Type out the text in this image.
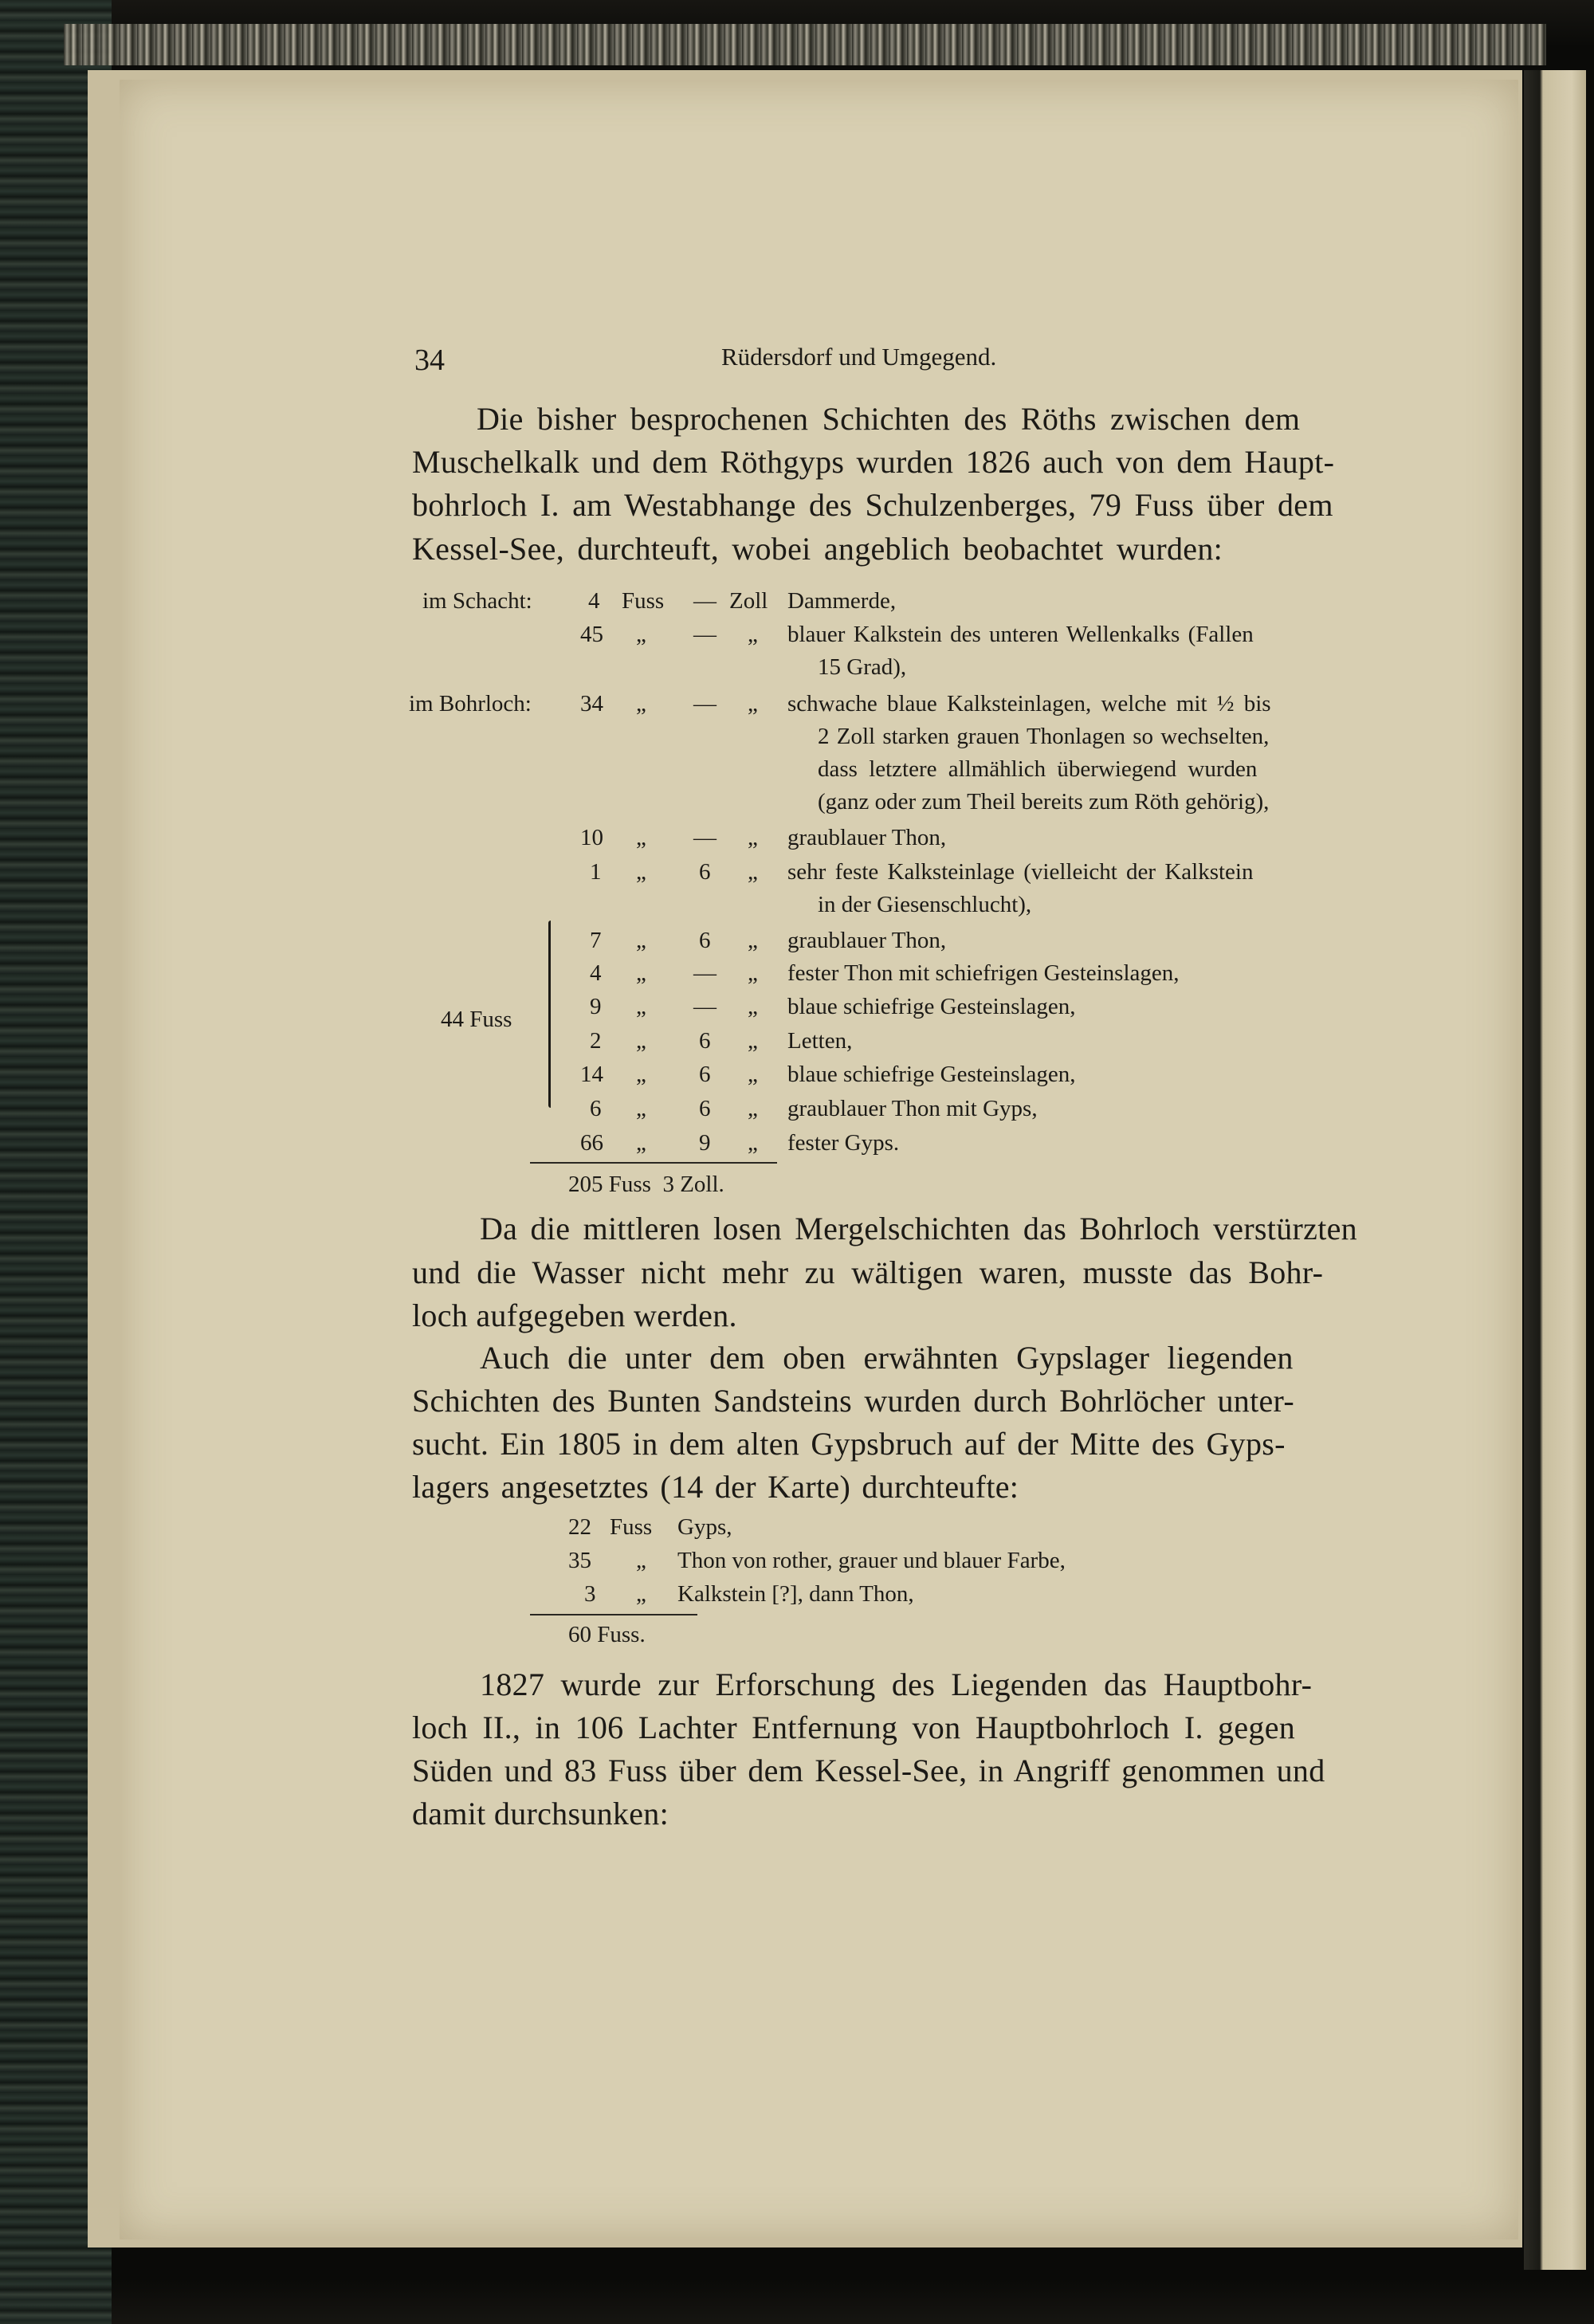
34	Rüdersdorf und Umgegend.
Die bisher besprochenen Schichten des Röths zwischen dem
Muschelkalk und dem Röthgyps wurden 1826 auch von dem Haupt-
bohrloch I. am Westabhange des Schulzenberges, 79 Fuss über dem
Kessel-See, durchteuft, wobei angeblich beobachtet wurden:
im Schacht:
im Bohrloch:
44 Fuss
4 Fuss — Zoll Dammerde,
45 „ — „ blauer Kalkstein des unteren Wellenkalks (Fallen
15 Grad),
34 „ — „ schwache blaue Kalksteinlagen, welche mit ½ bis
2 Zoll starken grauen Thonlagen so wechselten,
dass letztere allmählich überwiegend wurden
(ganz oder zum Theil bereits zum Röth gehörig),
10 „ — „ graublauer Thon,
1 „ 6 „ sehr feste Kalksteinlage (vielleicht der Kalkstein
in der Giesenschlucht),
7 „ 6 „ graublauer Thon,
4 „ — „ fester Thon mit schiefrigen Gesteinslagen,
9 „ — „ blaue schiefrige Gesteinslagen,
2 „ 6 „ Letten,
14 „ 6 „ blaue schiefrige Gesteinslagen,
6 „ 6 „ graublauer Thon mit Gyps,
66 „ 9 „ fester Gyps.
205 Fuss  3 Zoll.
Da die mittleren losen Mergelschichten das Bohrloch verstürzten
und die Wasser nicht mehr zu wältigen waren, musste das Bohr-
loch aufgegeben werden.
Auch die unter dem oben erwähnten Gypslager liegenden
Schichten des Bunten Sandsteins wurden durch Bohrlöcher unter-
sucht. Ein 1805 in dem alten Gypsbruch auf der Mitte des Gyps-
lagers angesetztes (14 der Karte) durchteufte:
22 Fuss Gyps,
35 „ Thon von rother, grauer und blauer Farbe,
3 „ Kalkstein [?], dann Thon,
60 Fuss.
1827 wurde zur Erforschung des Liegenden das Hauptbohr-
loch II., in 106 Lachter Entfernung von Hauptbohrloch I. gegen
Süden und 83 Fuss über dem Kessel-See, in Angriff genommen und
damit durchsunken:
